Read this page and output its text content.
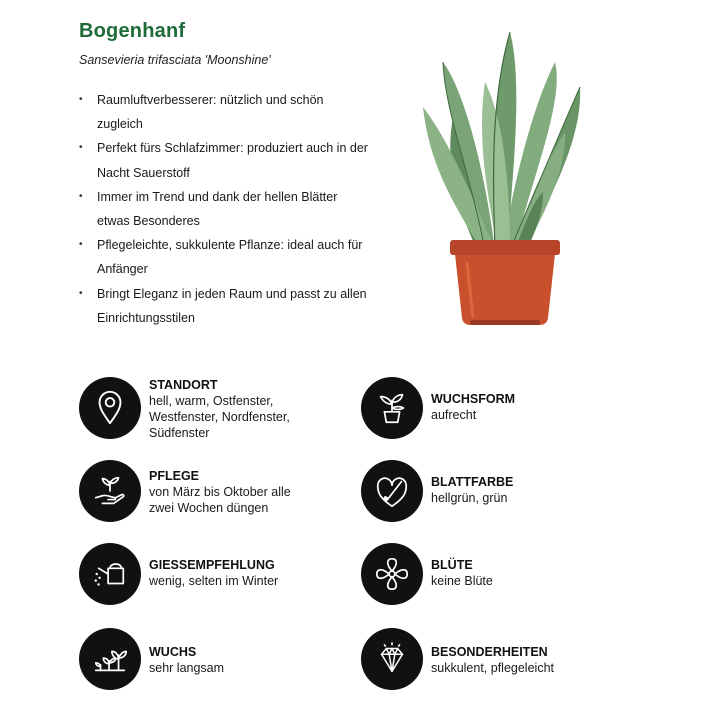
Bogenhanf
Sansevieria trifasciata 'Moonshine'
• Raumluftverbesserer: nützlich und schön zugleich
• Perfekt fürs Schlafzimmer: produziert auch in der Nacht Sauerstoff
• Immer im Trend und dank der hellen Blätter etwas Besonderes
• Pflegeleichte, sukkulente Pflanze: ideal auch für Anfänger
• Bringt Eleganz in jeden Raum und passt zu allen Einrichtungsstilen
STANDORT
hell, warm, Ostfenster, Westfenster, Nordfenster, Südfenster
WUCHSFORM
aufrecht
PFLEGE
von März bis Oktober alle zwei Wochen düngen
BLATTFARBE
hellgrün, grün
GIESSEMPFEHLUNG
wenig, selten im Winter
BLÜTE
keine Blüte
WUCHS
sehr langsam
BESONDERHEITEN
sukkulent, pflegeleicht
